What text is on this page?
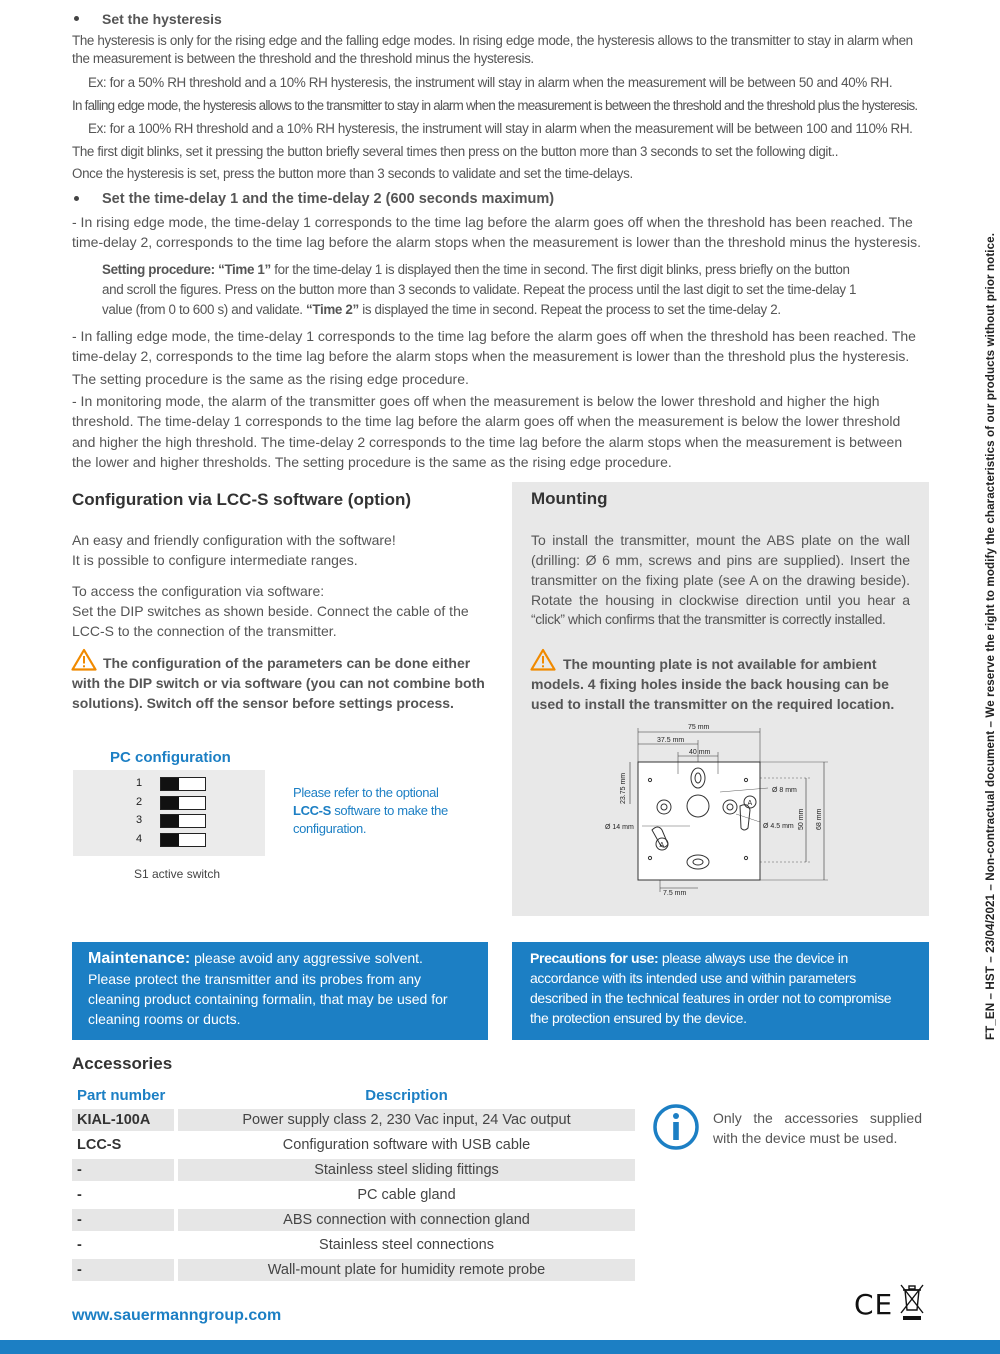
Set the hysteresis
The hysteresis is only for the rising edge and the falling edge modes. In rising edge mode, the hysteresis allows to the transmitter to stay in alarm when
the measurement is between the threshold and the threshold minus the hysteresis.
Ex: for a 50% RH threshold and a 10% RH hysteresis, the instrument will stay in alarm when the measurement will be between 50 and 40% RH.
In falling edge mode, the hysteresis allows to the transmitter to stay in alarm when the measurement is between the threshold and the threshold plus the hysteresis.
Ex: for a 100% RH threshold and a 10% RH hysteresis, the instrument will stay in alarm when the measurement will be between 100 and 110% RH.
The first digit blinks, set it pressing the button briefly several times then press on the button more than 3 seconds to set the following digit..
Once the hysteresis is set, press the button more than 3 seconds to validate and set the time-delays.
Set the time-delay 1 and the time-delay 2 (600 seconds maximum)
- In rising edge mode, the time-delay 1 corresponds to the time lag before the alarm goes off when the threshold has been reached. The
time-delay 2, corresponds to the time lag before the alarm stops when the measurement is lower than the threshold minus the hysteresis.
Setting procedure: “Time 1” for the time-delay 1 is displayed then the time in second. The first digit blinks, press briefly on the button
and scroll the figures. Press on the button more than 3 seconds to validate. Repeat the process until the last digit to set the time-delay 1
value (from 0 to 600 s) and validate. “Time 2” is displayed the time in second. Repeat the process to set the time-delay 2.
- In falling edge mode, the time-delay 1 corresponds to the time lag before the alarm goes off when the threshold has been reached. The
time-delay 2, corresponds to the time lag before the alarm stops when the measurement is lower than the threshold plus the hysteresis.
The setting procedure is the same as the rising edge procedure.
- In monitoring mode, the alarm of the transmitter goes off when the measurement is below the lower threshold and higher the high
threshold. The time-delay 1 corresponds to the time lag before the alarm goes off when the measurement is below the lower threshold
and higher the high threshold. The time-delay 2 corresponds to the time lag before the alarm stops when the measurement is between
the lower and higher thresholds. The setting procedure is the same as the rising edge procedure.
Configuration via LCC-S software (option)
An easy and friendly configuration with the software!
It is possible to configure intermediate ranges.
To access the configuration via software:
Set the DIP switches as shown beside. Connect the cable of the
LCC-S to the connection of the transmitter.
The configuration of the parameters can be done either
with the DIP switch or via software (you can not combine both
solutions). Switch off the sensor before settings process.
PC configuration
1
2
3
4
S1 active switch
Please refer to the optional
LCC-S software to make the
configuration.
Mounting
To install the transmitter, mount the ABS plate on the wall
(drilling: Ø 6 mm, screws and pins are supplied). Insert the
transmitter on the fixing plate (see A on the drawing beside).
Rotate the housing in clockwise direction until you hear a
“click” which confirms that the transmitter is correctly installed.
The mounting plate is not available for ambient
models. 4 fixing holes inside the back housing can be
used to install the transmitter on the required location.
75 mm
37.5 mm
40 mm
23.75 mm	Ø 8 mm
Ø 14 mm	Ø 4.5 mm 50 mm 68 mm
7.5 mm
A
A
Maintenance: please avoid any aggressive solvent.
Please protect the transmitter and its probes from any
cleaning product containing formalin, that may be used for
cleaning rooms or ducts.
Precautions for use: please always use the device in
accordance with its intended use and within parameters
described in the technical features in order not to compromise
the protection ensured by the device.
Accessories
Part number		Description
KIAL-100A		Power supply class 2, 230 Vac input, 24 Vac output
LCC-S		Configuration software with USB cable
-		Stainless steel sliding fittings
-		PC cable gland
-		ABS connection with connection gland
-		Stainless steel connections
-		Wall-mount plate for humidity remote probe
Only the accessories supplied
with the device must be used.
www.sauermanngroup.com	CE
FT_EN – HST – 23/04/2021 – Non-contractual document – We reserve the right to modify the characteristics of our products without prior notice.
